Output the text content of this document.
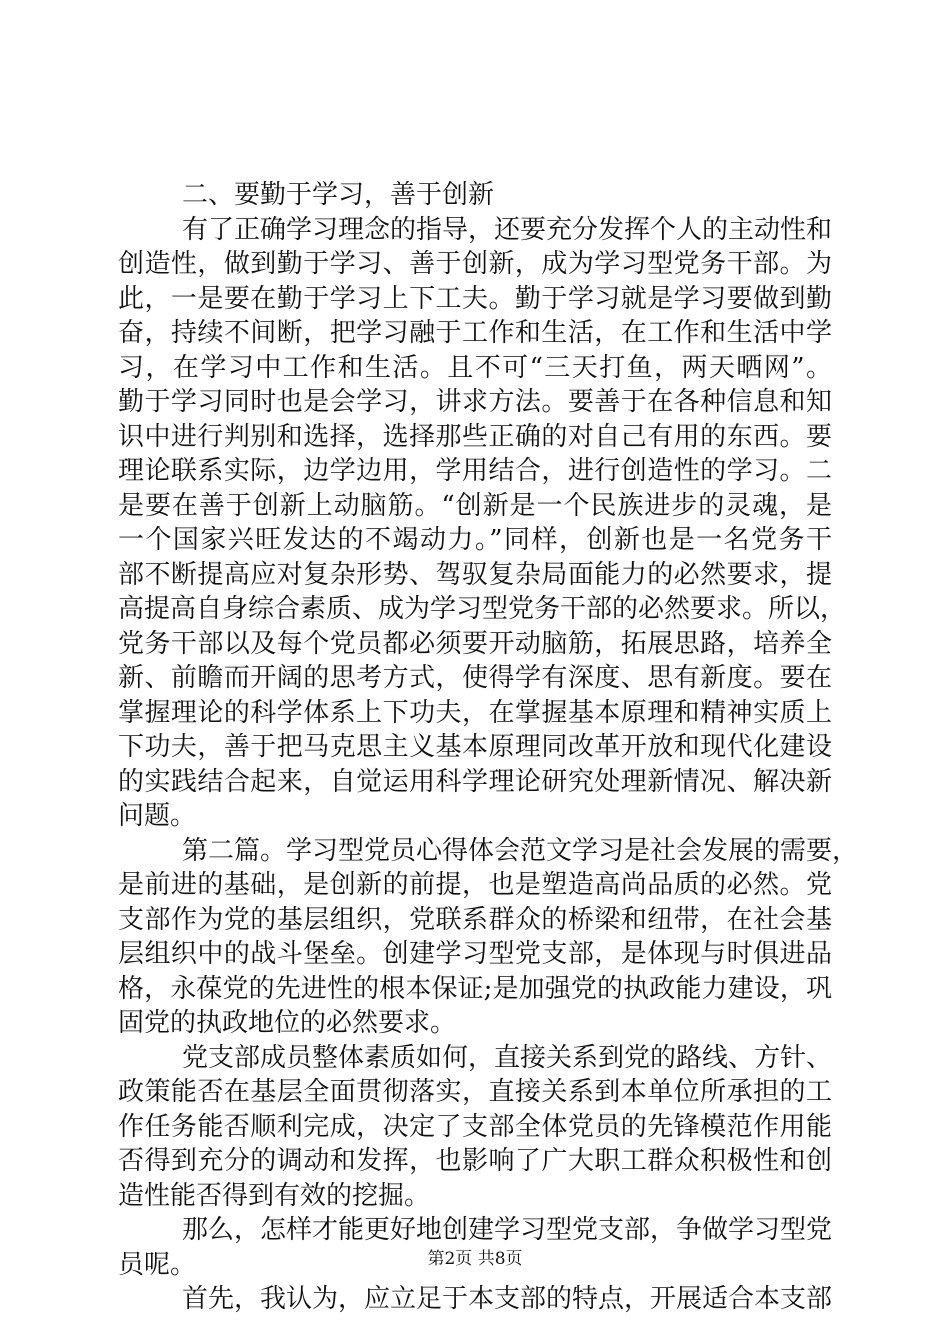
二、要勤于学习，善于创新
有了正确学习理念的指导，还要充分发挥个人的主动性和
创造性，做到勤于学习、善于创新，成为学习型党务干部。为
此，一是要在勤于学习上下工夫。勤于学习就是学习要做到勤
奋，持续不间断，把学习融于工作和生活，在工作和生活中学
习，在学习中工作和生活。且不可“三天打鱼，两天晒网”。
勤于学习同时也是会学习，讲求方法。要善于在各种信息和知
识中进行判别和选择，选择那些正确的对自己有用的东西。要
理论联系实际，边学边用，学用结合，进行创造性的学习。二
是要在善于创新上动脑筋。“创新是一个民族进步的灵魂，是
一个国家兴旺发达的不竭动力。”同样，创新也是一名党务干
部不断提高应对复杂形势、驾驭复杂局面能力的必然要求，提
高提高自身综合素质、成为学习型党务干部的必然要求。所以，
党务干部以及每个党员都必须要开动脑筋，拓展思路，培养全
新、前瞻而开阔的思考方式，使得学有深度、思有新度。要在
掌握理论的科学体系上下功夫，在掌握基本原理和精神实质上
下功夫，善于把马克思主义基本原理同改革开放和现代化建设
的实践结合起来，自觉运用科学理论研究处理新情况、解决新
问题。
第二篇。学习型党员心得体会范文学习是社会发展的需要，
是前进的基础，是创新的前提，也是塑造高尚品质的必然。党
支部作为党的基层组织，党联系群众的桥梁和纽带，在社会基
层组织中的战斗堡垒。创建学习型党支部，是体现与时俱进品
格，永葆党的先进性的根本保证;是加强党的执政能力建设，巩
固党的执政地位的必然要求。
党支部成员整体素质如何，直接关系到党的路线、方针、
政策能否在基层全面贯彻落实，直接关系到本单位所承担的工
作任务能否顺利完成，决定了支部全体党员的先锋模范作用能
否得到充分的调动和发挥，也影响了广大职工群众积极性和创
造性能否得到有效的挖掘。
那么，怎样才能更好地创建学习型党支部，争做学习型党
员呢。
首先，我认为，应立足于本支部的特点，开展适合本支部
第2页 共8页
